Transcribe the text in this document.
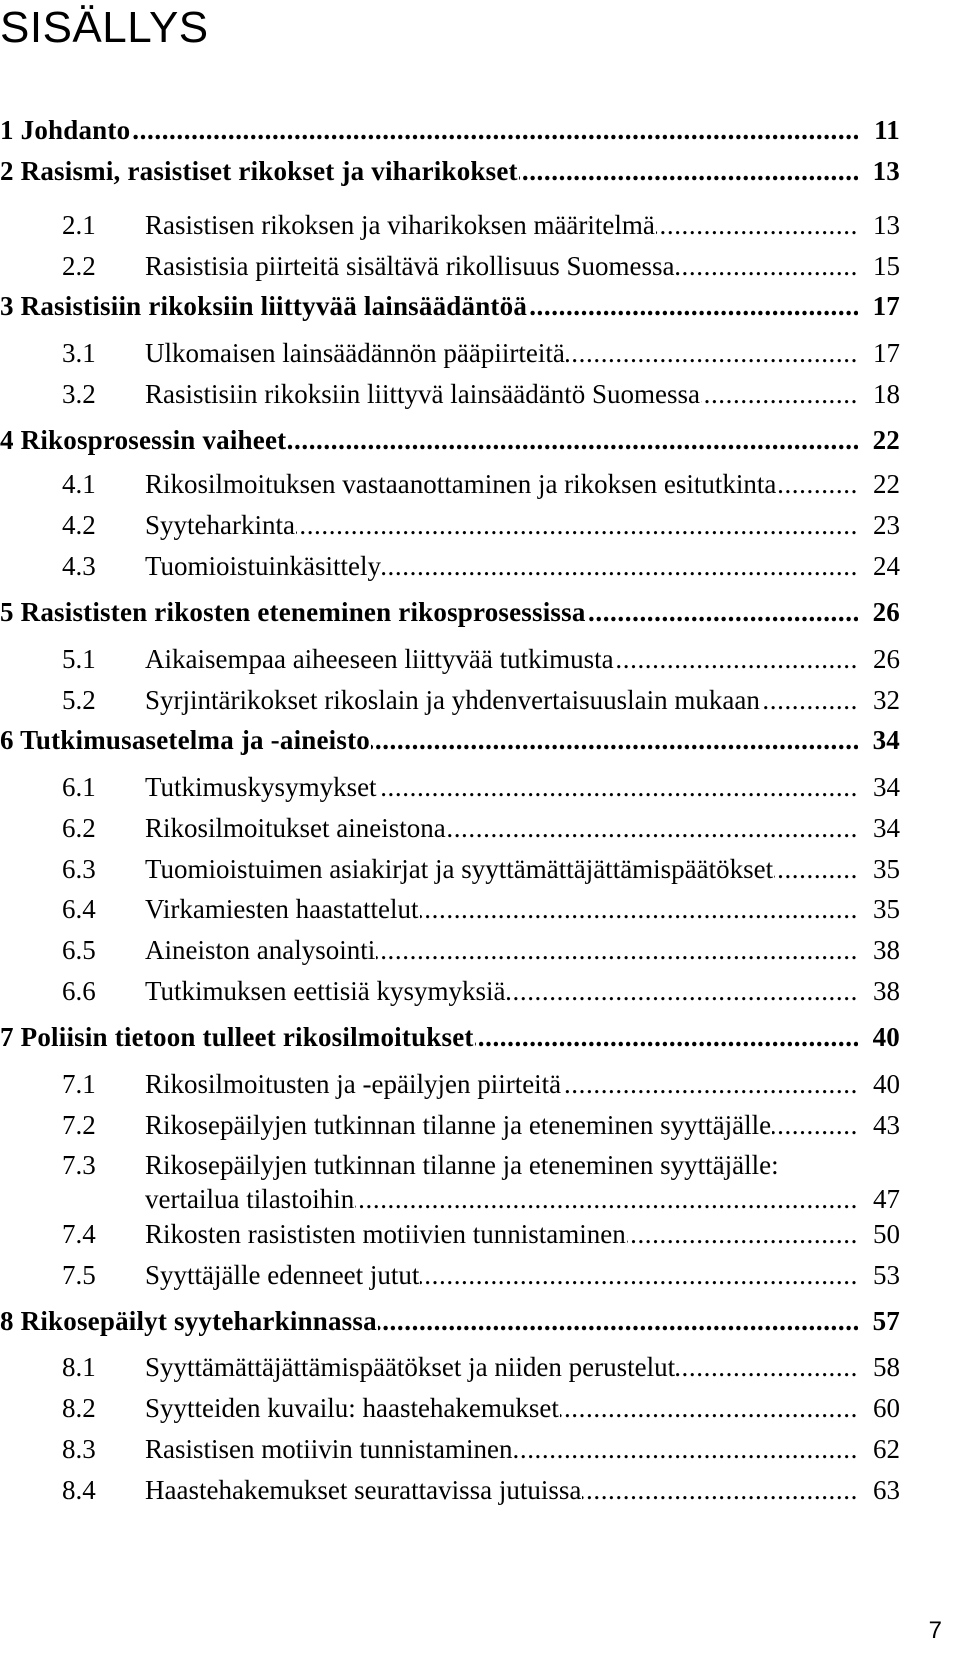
SISÄLLYS
.....
1 Johdanto	11
.....
2 Rasismi, rasistiset rikokset ja viharikokset	13
2.1 ..... Rasistisen rikoksen ja viharikoksen määritelmä	13
2.2 ..... Rasistisia piirteitä sisältävä rikollisuus Suomessa	15
.....
3 Rasistisiin rikoksiin liittyvää lainsäädäntöä	17
3.1 ..... Ulkomaisen lainsäädännön pääpiirteitä	17
3.2 ..... Rasistisiin rikoksiin liittyvä lainsäädäntö Suomessa	18
.....
4 Rikosprosessin vaiheet	22
4.1 ..... Rikosilmoituksen vastaanottaminen ja rikoksen esitutkinta	22
4.2 ..... Syyteharkinta	23
4.3 ..... Tuomioistuinkäsittely	24
.....
5 Rasististen rikosten eteneminen rikosprosessissa	26
5.1 ..... Aikaisempaa aiheeseen liittyvää tutkimusta	26
5.2 ..... Syrjintärikokset rikoslain ja yhdenvertaisuuslain mukaan	32
.....
6 Tutkimusasetelma ja -aineisto	34
6.1 ..... Tutkimuskysymykset	34
6.2 ..... Rikosilmoitukset aineistona	34
6.3 ..... Tuomioistuimen asiakirjat ja syyttämättäjättämispäätökset	35
6.4 ..... Virkamiesten haastattelut	35
6.5 ..... Aineiston analysointi	38
6.6 ..... Tutkimuksen eettisiä kysymyksiä	38
.....
7 Poliisin tietoon tulleet rikosilmoitukset	40
7.1 ..... Rikosilmoitusten ja -epäilyjen piirteitä	40
7.2 ..... Rikosepäilyjen tutkinnan tilanne ja eteneminen syyttäjälle	43
7.3 Rikosepäilyjen tutkinnan tilanne ja eteneminen syyttäjälle:
.....
vertailua tilastoihin	47
7.4 ..... Rikosten rasististen motiivien tunnistaminen	50
7.5 ..... Syyttäjälle edenneet jutut	53
.....
8 Rikosepäilyt syyteharkinnassa	57
8.1 ..... Syyttämättäjättämispäätökset ja niiden perustelut	58
8.2 ..... Syytteiden kuvailu: haastehakemukset	60
8.3 ..... Rasistisen motiivin tunnistaminen	62
8.4 ..... Haastehakemukset seurattavissa jutuissa	63
7
